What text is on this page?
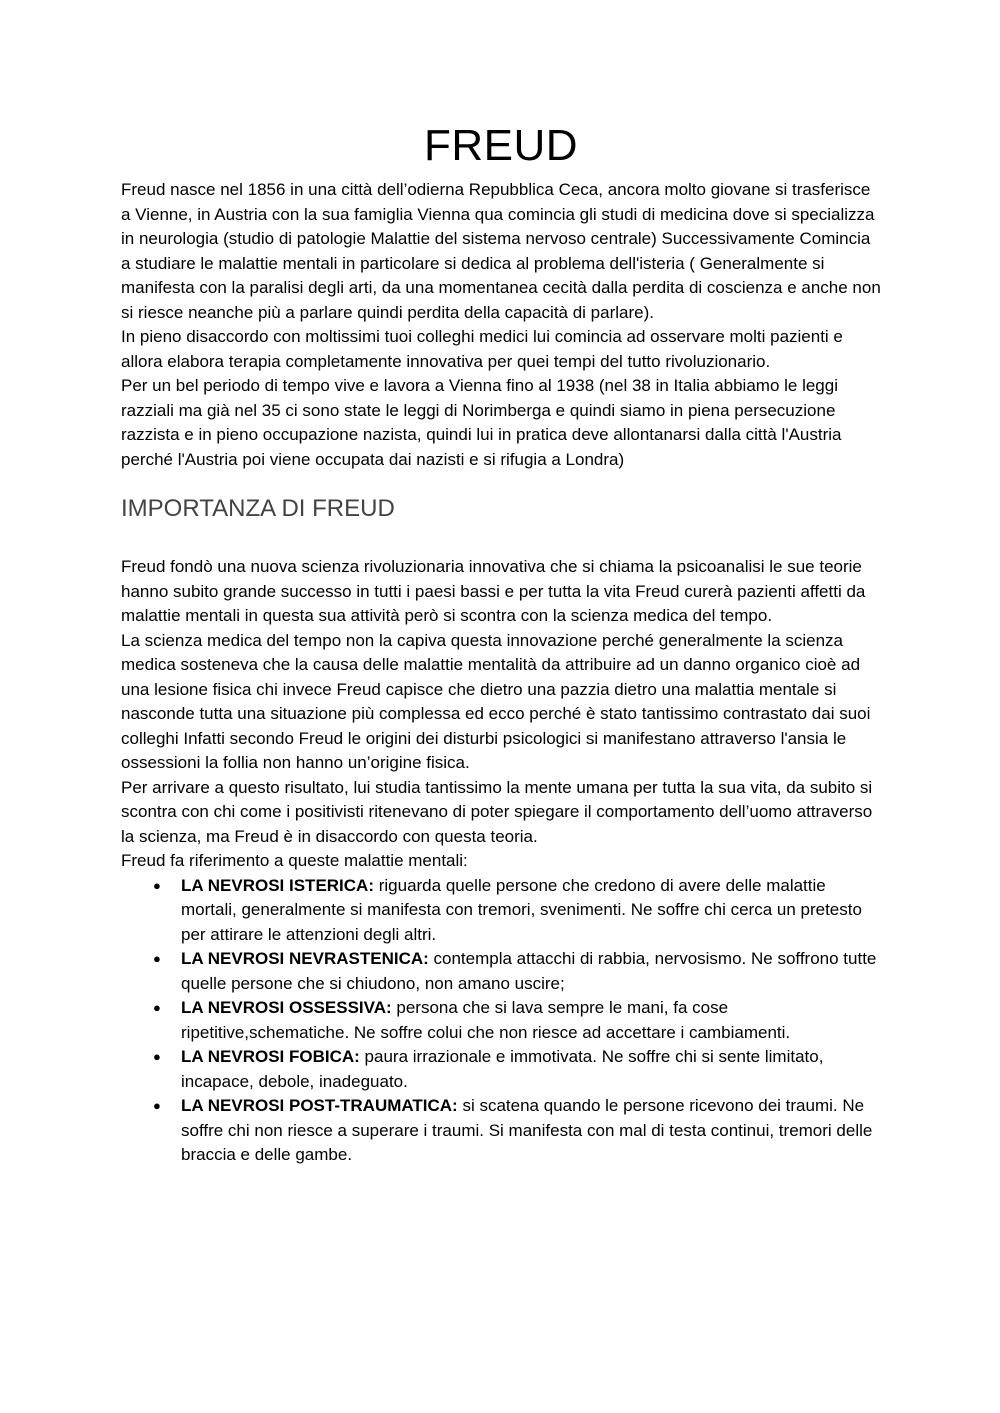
FREUD

Freud nasce nel 1856 in una città dell’odierna Repubblica Ceca, ancora molto giovane si trasferisce a Vienne, in Austria con la sua famiglia Vienna qua comincia gli studi di medicina dove si specializza in neurologia (studio di patologie Malattie del sistema nervoso centrale) Successivamente Comincia a studiare le malattie mentali in particolare si dedica al problema dell'isteria ( Generalmente si manifesta con la paralisi degli arti, da una momentanea cecità dalla perdita di coscienza e anche non si riesce neanche più a parlare quindi perdita della capacità di parlare).

In pieno disaccordo con moltissimi tuoi colleghi medici lui comincia ad osservare molti pazienti e allora elabora terapia completamente innovativa per quei tempi del tutto rivoluzionario.

Per un bel periodo di tempo vive e lavora a Vienna fino al 1938 (nel 38 in Italia abbiamo le leggi razziali ma già nel 35 ci sono state le leggi di Norimberga e quindi siamo in piena persecuzione razzista e in pieno occupazione nazista, quindi lui in pratica deve allontanarsi dalla città l'Austria perché l'Austria poi viene occupata dai nazisti e si rifugia a Londra)

IMPORTANZA DI FREUD

Freud fondò una nuova scienza rivoluzionaria innovativa che si chiama la psicoanalisi le sue teorie hanno subito grande successo in tutti i paesi bassi e per tutta la vita Freud curerà pazienti affetti da malattie mentali in questa sua attività però si scontra con la scienza medica del tempo.

La scienza medica del tempo non la capiva questa innovazione perché generalmente la scienza medica sosteneva che la causa delle malattie mentalità da attribuire ad un danno organico cioè ad una lesione fisica chi invece Freud capisce che dietro una pazzia dietro una malattia mentale si nasconde tutta una situazione più complessa ed ecco perché è stato tantissimo contrastato dai suoi colleghi Infatti secondo Freud le origini dei disturbi psicologici si manifestano attraverso l'ansia le ossessioni la follia non hanno un’origine fisica.

Per arrivare a questo risultato, lui studia tantissimo la mente umana per tutta la sua vita, da subito si scontra con chi come i positivisti ritenevano di poter spiegare il comportamento dell’uomo attraverso la scienza, ma Freud è in disaccordo con questa teoria.

Freud fa riferimento a queste malattie mentali:

● LA NEVROSI ISTERICA: riguarda quelle persone che credono di avere delle malattie mortali, generalmente si manifesta con tremori, svenimenti. Ne soffre chi cerca un pretesto per attirare le attenzioni degli altri.
● LA NEVROSI NEVRASTENICA: contempla attacchi di rabbia, nervosismo. Ne soffrono tutte quelle persone che si chiudono, non amano uscire;
● LA NEVROSI OSSESSIVA: persona che si lava sempre le mani, fa cose ripetitive,schematiche. Ne soffre colui che non riesce ad accettare i cambiamenti.
● LA NEVROSI FOBICA: paura irrazionale e immotivata. Ne soffre chi si sente limitato, incapace, debole, inadeguato.
● LA NEVROSI POST-TRAUMATICA: si scatena quando le persone ricevono dei traumi. Ne soffre chi non riesce a superare i traumi. Si manifesta con mal di testa continui, tremori delle braccia e delle gambe.
